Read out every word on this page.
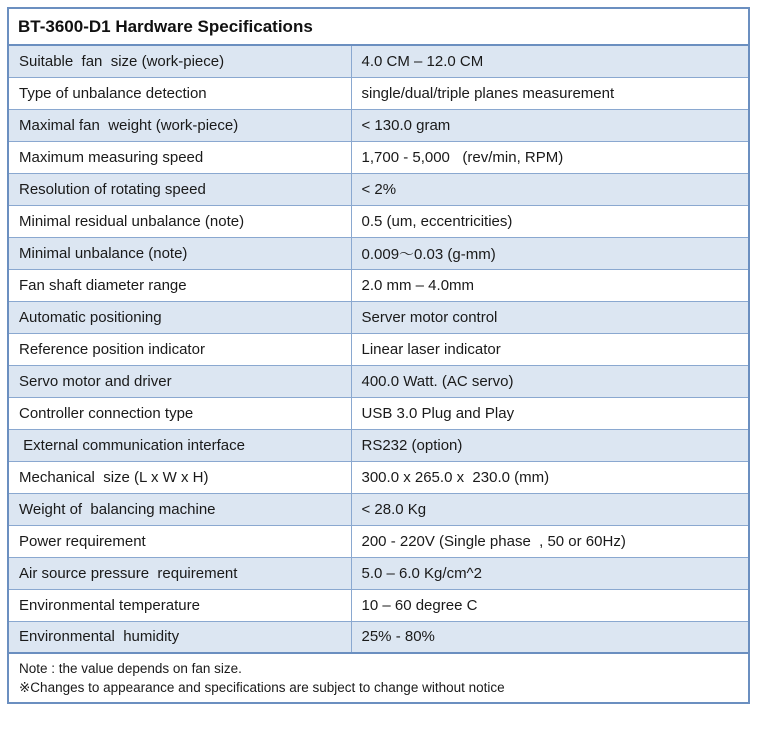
BT-3600-D1 Hardware Specifications	
Suitable  fan  size (work-piece)	4.0 CM – 12.0 CM
Type of unbalance detection	single/dual/triple planes measurement
Maximal fan  weight (work-piece)	< 130.0 gram
Maximum measuring speed	1,700 - 5,000   (rev/min, RPM)
Resolution of rotating speed	< 2%
Minimal residual unbalance (note)	0.5 (um, eccentricities)
Minimal unbalance (note)	0.009～0.03 (g-mm)
Fan shaft diameter range	2.0 mm – 4.0mm
Automatic positioning	Server motor control
Reference position indicator	Linear laser indicator
Servo motor and driver	400.0 Watt. (AC servo)
Controller connection type	USB 3.0 Plug and Play
External communication interface	RS232 (option)
Mechanical  size (L x W x H)	300.0 x 265.0 x  230.0 (mm)
Weight of  balancing machine	< 28.0 Kg
Power requirement	200 - 220V (Single phase  , 50 or 60Hz)
Air source pressure  requirement	5.0 – 6.0 Kg/cm^2
Environmental temperature	10 – 60 degree C
Environmental  humidity	25% - 80%

Note : the value depends on fan size.
※Changes to appearance and specifications are subject to change without notice	
